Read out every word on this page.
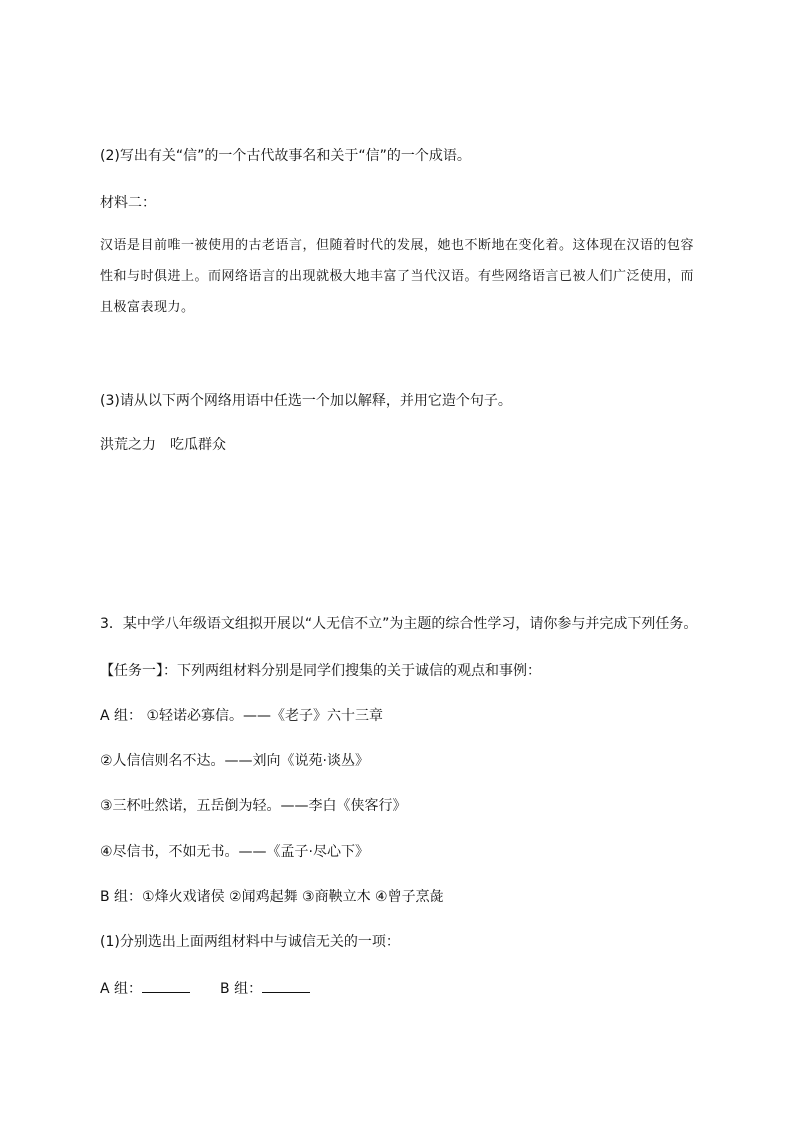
(2)写出有关“信”的一个古代故事名和关于“信”的一个成语。
材料二：
汉语是目前唯一被使用的古老语言，但随着时代的发展，她也不断地在变化着。这体现在汉语的包容性和与时俱进上。而网络语言的出现就极大地丰富了当代汉语。有些网络语言已被人们广泛使用，而且极富表现力。
(3)请从以下两个网络用语中任选一个加以解释，并用它造个句子。
洪荒之力　吃瓜群众
3．某中学八年级语文组拟开展以“人无信不立”为主题的综合性学习，请你参与并完成下列任务。
【任务一】：下列两组材料分别是同学们搜集的关于诚信的观点和事例：
A 组： ①轻诺必寡信。——《老子》六十三章
②人信信则名不达。——刘向《说苑·谈丛》
③三杯吐然诺，五岳倒为轻。——李白《侠客行》
④尽信书，不如无书。——《孟子·尽心下》
B 组：①烽火戏诸侯 ②闻鸡起舞 ③商鞅立木 ④曾子烹彘
(1)分别选出上面两组材料中与诚信无关的一项：
A 组：	B 组：
